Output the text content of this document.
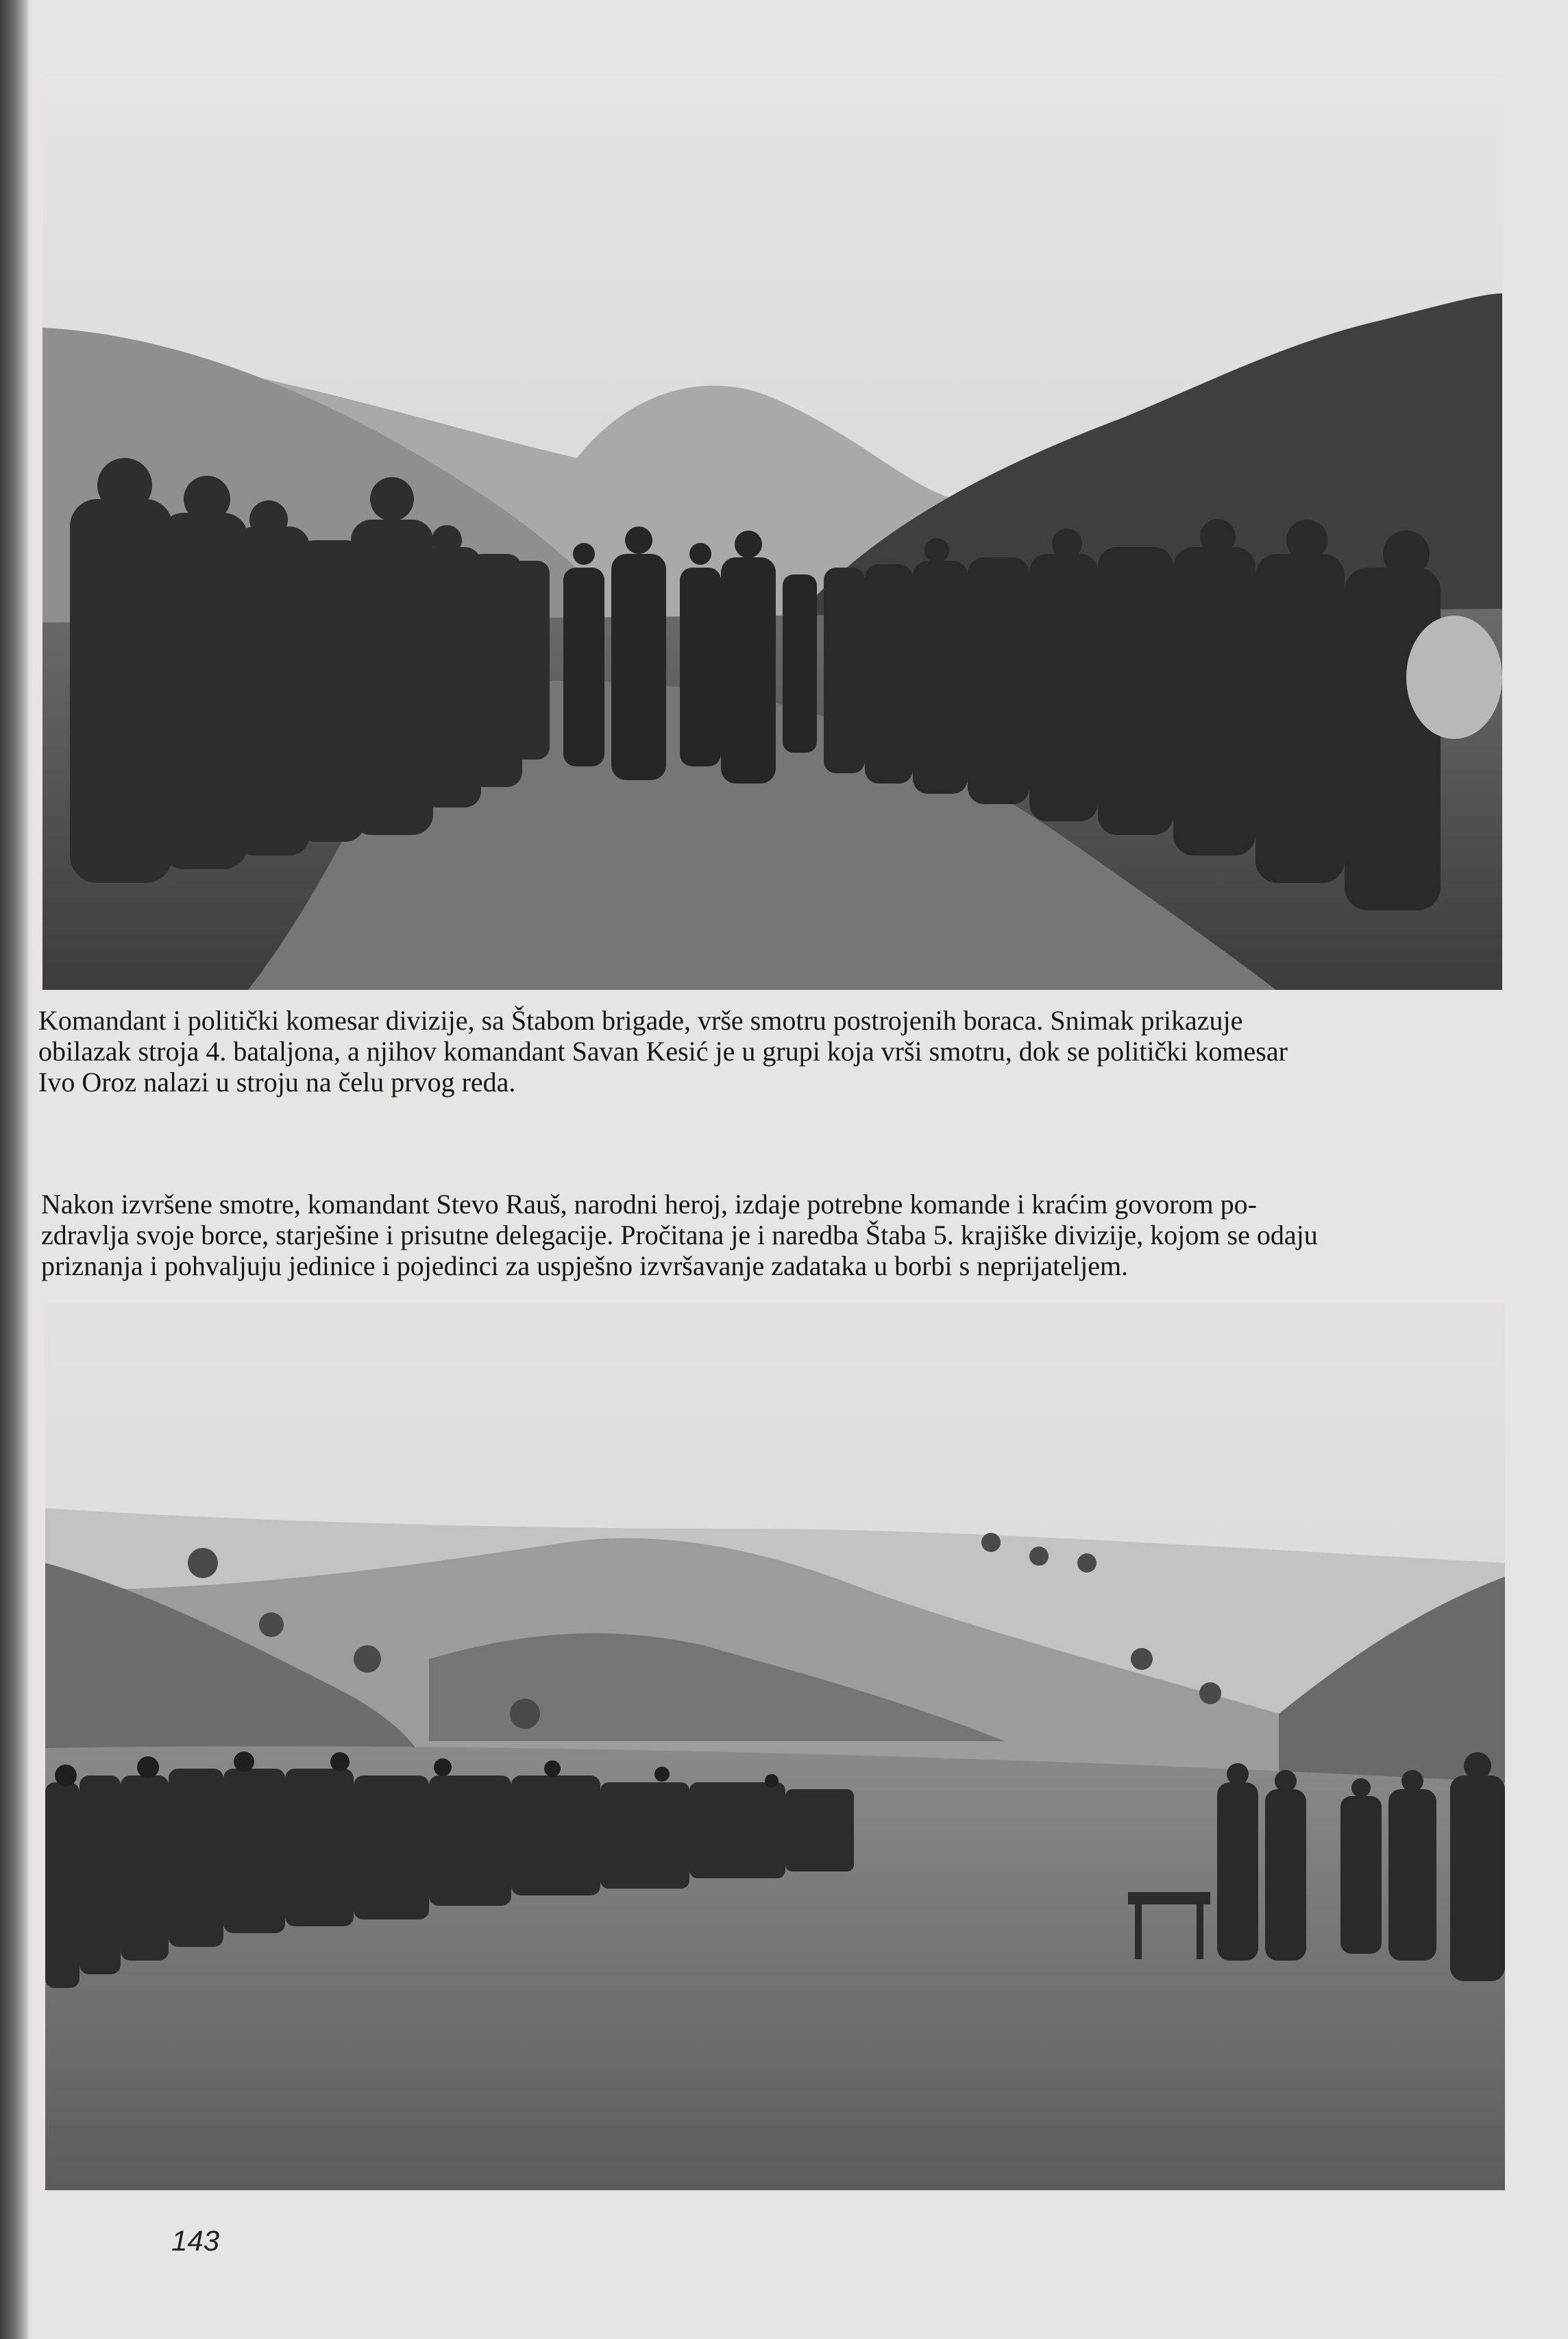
Komandant i politički komesar divizije, sa Štabom brigade, vrše smotru postrojenih boraca. Snimak prikazuje
obilazak stroja 4. bataljona, a njihov komandant Savan Kesić je u grupi koja vrši smotru, dok se politički komesar
Ivo Oroz nalazi u stroju na čelu prvog reda.

Nakon izvršene smotre, komandant Stevo Rauš, narodni heroj, izdaje potrebne komande i kraćim govorom po-
zdravlja svoje borce, starješine i prisutne delegacije. Pročitana je i naredba Štaba 5. krajiške divizije, kojom se odaju
priznanja i pohvaljuju jedinice i pojedinci za uspješno izvršavanje zadataka u borbi s neprijateljem.

143
